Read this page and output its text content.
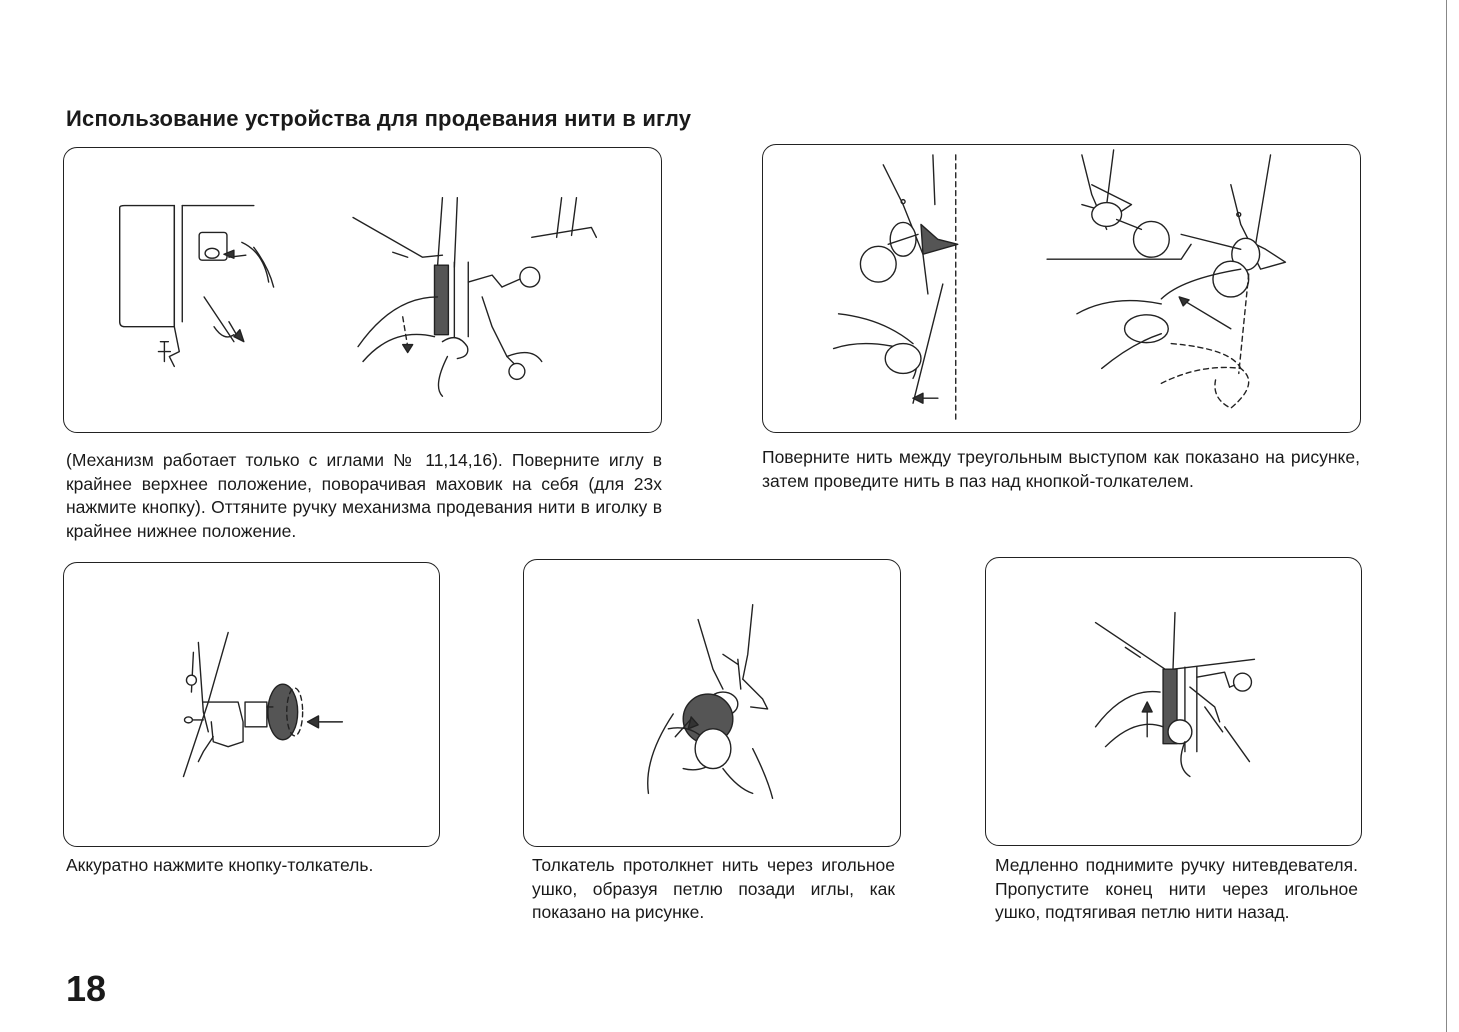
Использование устройства для продевания нити в иглу

(Механизм работает только с иглами № 11,14,16). Поверните иглу в крайнее верхнее положение, поворачивая маховик на себя (для 23x нажмите кнопку). Оттяните ручку механизма продевания нити в иголку в крайнее нижнее положение.

Поверните нить между треугольным выступом как показано на рисунке, затем проведите нить в паз над кнопкой-толкателем.

Аккуратно нажмите кнопку-толкатель.	Толкатель протолкнет нить через игольное ушко, образуя петлю позади иглы, как показано на рисунке.

Медленно поднимите ручку нитевдевателя. Пропустите конец нити через игольное ушко, подтягивая петлю нити назад.

18
